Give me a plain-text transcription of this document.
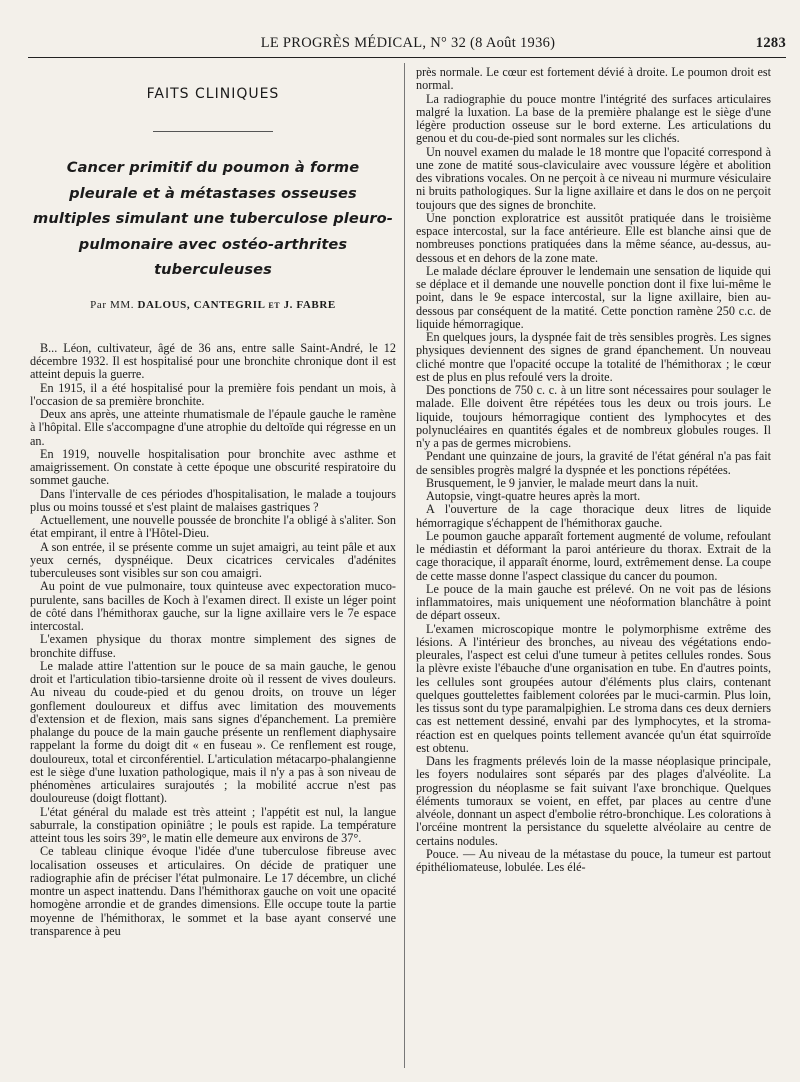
LE PROGRÈS MÉDICAL, N° 32 (8 Août 1936)	1283
FAITS CLINIQUES
Cancer primitif du poumon à forme pleurale et à métastases osseuses multiples simulant une tuberculose pleuro-pulmonaire avec ostéo-arthrites tuberculeuses
Par MM. DALOUS, CANTEGRIL et J. FABRE

B... Léon, cultivateur, âgé de 36 ans, entre salle Saint-André, le 12 décembre 1932. Il est hospitalisé pour une bronchite chronique dont il est atteint depuis la guerre.

En 1915, il a été hospitalisé pour la première fois pendant un mois, à l'occasion de sa première bronchite.

Deux ans après, une atteinte rhumatismale de l'épaule gauche le ramène à l'hôpital. Elle s'accompagne d'une atrophie du deltoïde qui régresse en un an.

En 1919, nouvelle hospitalisation pour bronchite avec asthme et amaigrissement. On constate à cette époque une obscurité respiratoire du sommet gauche.

Dans l'intervalle de ces périodes d'hospitalisation, le malade a toujours plus ou moins toussé et s'est plaint de malaises gastriques ?

Actuellement, une nouvelle poussée de bronchite l'a obligé à s'aliter. Son état empirant, il entre à l'Hôtel-Dieu.

A son entrée, il se présente comme un sujet amaigri, au teint pâle et aux yeux cernés, dyspnéique. Deux cicatrices cervicales d'adénites tuberculeuses sont visibles sur son cou amaigri.

Au point de vue pulmonaire, toux quinteuse avec expectoration muco-purulente, sans bacilles de Koch à l'examen direct. Il existe un léger point de côté dans l'hémithorax gauche, sur la ligne axillaire vers le 7e espace intercostal.

L'examen physique du thorax montre simplement des signes de bronchite diffuse.

Le malade attire l'attention sur le pouce de sa main gauche, le genou droit et l'articulation tibio-tarsienne droite où il ressent de vives douleurs. Au niveau du coude-pied et du genou droits, on trouve un léger gonflement douloureux et diffus avec limitation des mouvements d'extension et de flexion, mais sans signes d'épanchement. La première phalange du pouce de la main gauche présente un renflement diaphysaire rappelant la forme du doigt dit « en fuseau ». Ce renflement est rouge, douloureux, total et circonférentiel. L'articulation métacarpo-phalangienne est le siège d'une luxation pathologique, mais il n'y a pas à son niveau de phénomènes articulaires surajoutés ; la mobilité accrue n'est pas douloureuse (doigt flottant).

L'état général du malade est très atteint ; l'appétit est nul, la langue saburrale, la constipation opiniâtre ; le pouls est rapide. La température atteint tous les soirs 39°, le matin elle demeure aux environs de 37°.

Ce tableau clinique évoque l'idée d'une tuberculose fibreuse avec localisation osseuses et articulaires. On décide de pratiquer une radiographie afin de préciser l'état pulmonaire. Le 17 décembre, un cliché montre un aspect inattendu. Dans l'hémithorax gauche on voit une opacité homogène arrondie et de grandes dimensions. Elle occupe toute la partie moyenne de l'hémithorax, le sommet et la base ayant conservé une transparence à peu

près normale. Le cœur est fortement dévié à droite. Le poumon droit est normal.

La radiographie du pouce montre l'intégrité des surfaces articulaires malgré la luxation. La base de la première phalange est le siège d'une légère production osseuse sur le bord externe. Les articulations du genou et du cou-de-pied sont normales sur les clichés.

Un nouvel examen du malade le 18 montre que l'opacité correspond à une zone de matité sous-claviculaire avec voussure légère et abolition des vibrations vocales. On ne perçoit à ce niveau ni murmure vésiculaire ni bruits pathologiques. Sur la ligne axillaire et dans le dos on ne perçoit toujours que des signes de bronchite.

Une ponction exploratrice est aussitôt pratiquée dans le troisième espace intercostal, sur la face antérieure. Elle est blanche ainsi que de nombreuses ponctions pratiquées dans la même séance, au-dessus, au-dessous et en dehors de la zone mate.

Le malade déclare éprouver le lendemain une sensation de liquide qui se déplace et il demande une nouvelle ponction dont il fixe lui-même le point, dans le 9e espace intercostal, sur la ligne axillaire, bien au-dessous par conséquent de la matité. Cette ponction ramène 250 c.c. de liquide hémorragique.

En quelques jours, la dyspnée fait de très sensibles progrès. Les signes physiques deviennent des signes de grand épanchement. Un nouveau cliché montre que l'opacité occupe la totalité de l'hémithorax ; le cœur est de plus en plus refoulé vers la droite.

Des ponctions de 750 c. c. à un litre sont nécessaires pour soulager le malade. Elle doivent être répétées tous les deux ou trois jours. Le liquide, toujours hémorragique contient des lymphocytes et des polynucléaires en quantités égales et de nombreux globules rouges. Il n'y a pas de germes microbiens.

Pendant une quinzaine de jours, la gravité de l'état général n'a pas fait de sensibles progrès malgré la dyspnée et les ponctions répétées.

Brusquement, le 9 janvier, le malade meurt dans la nuit.

Autopsie, vingt-quatre heures après la mort.

A l'ouverture de la cage thoracique deux litres de liquide hémorragique s'échappent de l'hémithorax gauche.

Le poumon gauche apparaît fortement augmenté de volume, refoulant le médiastin et déformant la paroi antérieure du thorax. Extrait de la cage thoracique, il apparaît énorme, lourd, extrêmement dense. La coupe de cette masse donne l'aspect classique du cancer du poumon.

Le pouce de la main gauche est prélevé. On ne voit pas de lésions inflammatoires, mais uniquement une néoformation blanchâtre à point de départ osseux.

L'examen microscopique montre le polymorphisme extrême des lésions. A l'intérieur des bronches, au niveau des végétations endo-pleurales, l'aspect est celui d'une tumeur à petites cellules rondes. Sous la plèvre existe l'ébauche d'une organisation en tube. En d'autres points, les cellules sont groupées autour d'éléments plus clairs, contenant quelques gouttelettes faiblement colorées par le muci-carmin. Plus loin, les tissus sont du type paramalpighien. Le stroma dans ces deux derniers cas est nettement dessiné, envahi par des lymphocytes, et la stroma-réaction est en quelques points tellement avancée qu'un état squirroïde est obtenu.

Dans les fragments prélevés loin de la masse néoplasique principale, les foyers nodulaires sont séparés par des plages d'alvéolite. La progression du néoplasme se fait suivant l'axe bronchique. Quelques éléments tumoraux se voient, en effet, par places au centre d'une alvéole, donnant un aspect d'embolie rétro-bronchique. Les colorations à l'orcéine montrent la persistance du squelette alvéolaire au centre de certains nodules.

Pouce. — Au niveau de la métastase du pouce, la tumeur est partout épithéliomateuse, lobulée. Les élé-
